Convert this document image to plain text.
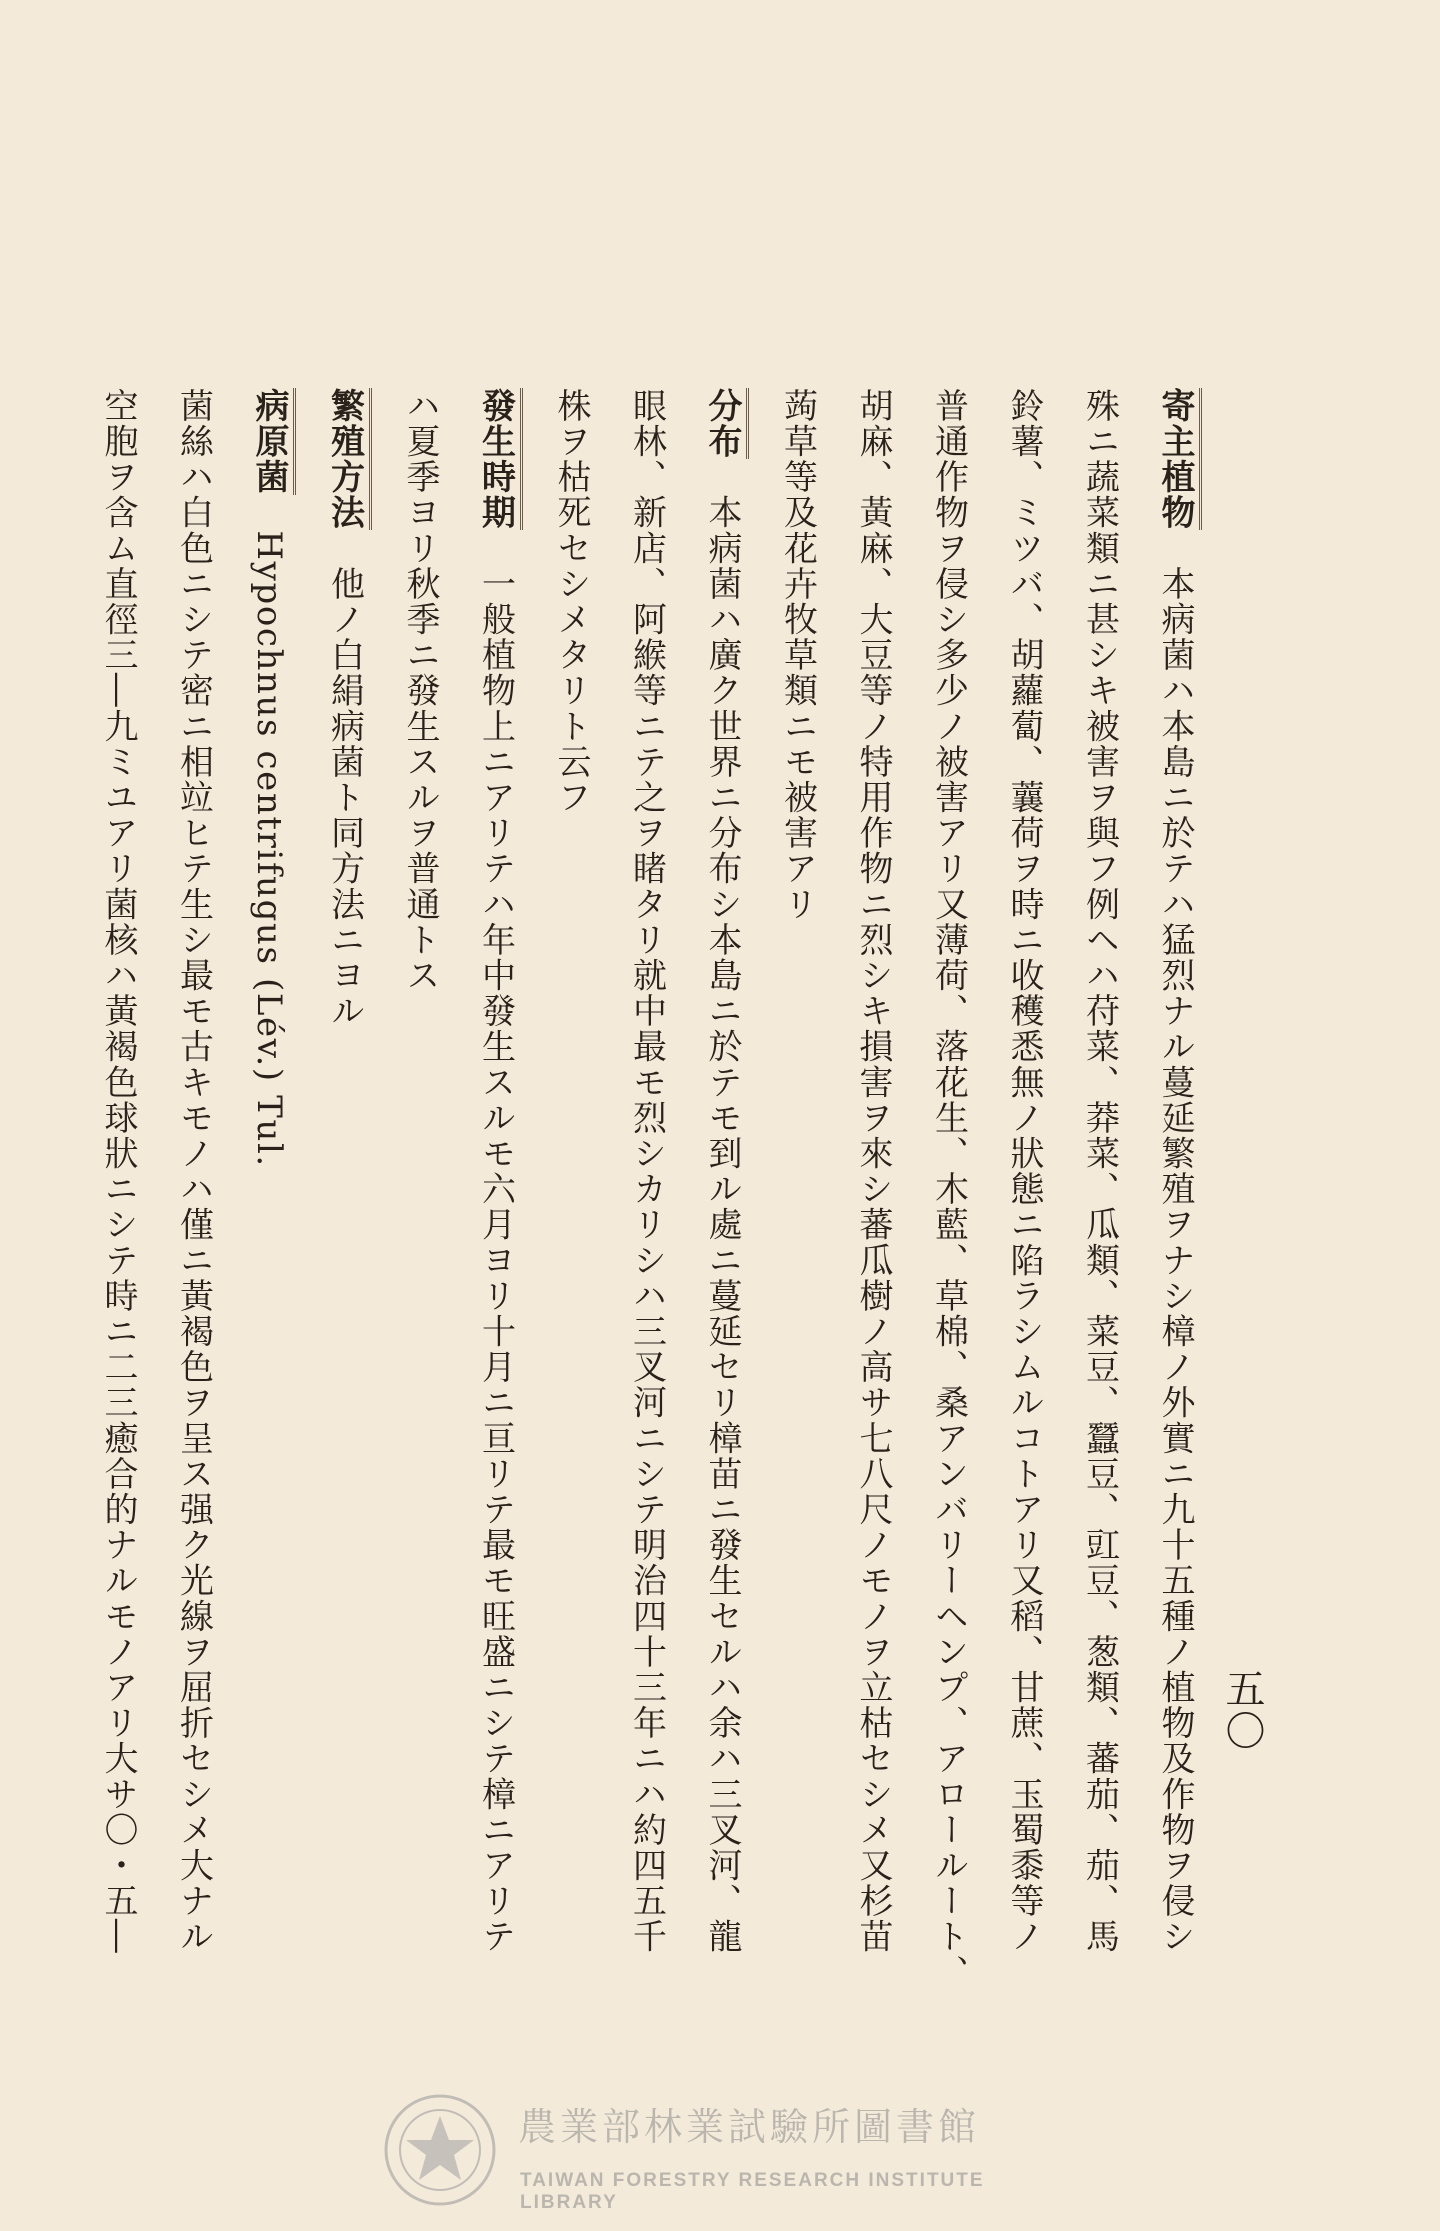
五〇
寄主植物　本病菌ハ本島ニ於テハ猛烈ナル蔓延繁殖ヲナシ樟ノ外實ニ九十五種ノ植物及作物ヲ侵シ
殊ニ蔬菜類ニ甚シキ被害ヲ與フ例ヘハ苻菜、莽菜、瓜類、菜豆、蠶豆、豇豆、葱類、蕃茄、茄、馬
鈴薯、ミツバ、胡蘿蔔、蘘荷ヲ時ニ收穫悉無ノ狀態ニ陷ラシムルコトアリ又稻、甘蔗、玉蜀黍等ノ
普通作物ヲ侵シ多少ノ被害アリ又薄荷、落花生、木藍、草棉、桑アンバリーヘンプ、アロールート、
胡麻、黃麻、大豆等ノ特用作物ニ烈シキ損害ヲ來シ蕃瓜樹ノ高サ七八尺ノモノヲ立枯セシメ又杉苗
蒟草等及花卉牧草類ニモ被害アリ
分布　本病菌ハ廣ク世界ニ分布シ本島ニ於テモ到ル處ニ蔓延セリ樟苗ニ發生セルハ余ハ三叉河、龍
眼林、新店、阿緱等ニテ之ヲ睹タリ就中最モ烈シカリシハ三叉河ニシテ明治四十三年ニハ約四五千
株ヲ枯死セシメタリト云フ
發生時期　一般植物上ニアリテハ年中發生スルモ六月ヨリ十月ニ亘リテ最モ旺盛ニシテ樟ニアリテ
ハ夏季ヨリ秋季ニ發生スルヲ普通トス
繁殖方法　他ノ白絹病菌ト同方法ニヨル
病原菌　Hypochnus centrifugus (Lév.) Tul.
菌絲ハ白色ニシテ密ニ相竝ヒテ生シ最モ古キモノハ僅ニ黃褐色ヲ呈ス强ク光線ヲ屈折セシメ大ナル
空胞ヲ含ム直徑三―九ミユアリ菌核ハ黃褐色球狀ニシテ時ニ二三癒合的ナルモノアリ大サ〇・五―
農業部林業試驗所圖書館
TAIWAN FORESTRY RESEARCH INSTITUTE LIBRARY
